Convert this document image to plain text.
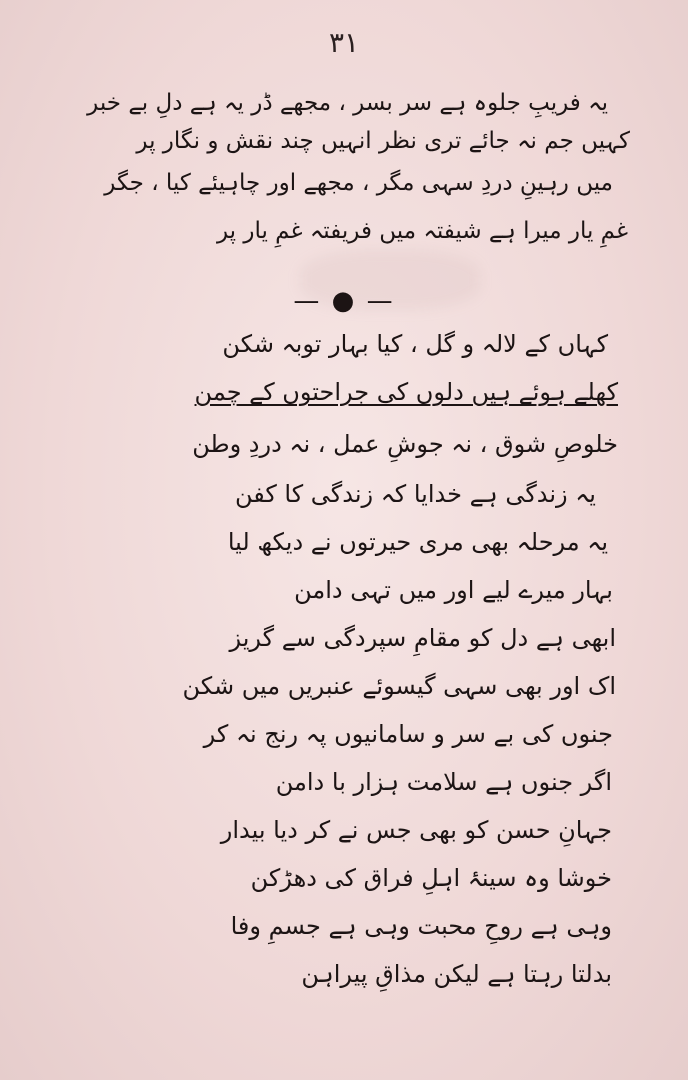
۳۱
یہ فریبِ جلوہ ہے سر بسر ، مجھے ڈر یہ ہے دلِ بے خبر
کہیں جم نہ جائے تری نظر انہیں چند نقش و نگار پر
میں رہینِ دردِ سہی مگر ، مجھے اور چاہیئے کیا ، جگر
غمِ یار میرا ہے شیفتہ میں فریفتہ غمِ یار پر
— ● —
کہاں کے لالہ و گل ، کیا بہار توبہ شکن
کھلے ہوئے ہیں دلوں کی جراحتوں کے چمن
خلوصِ شوق ، نہ جوشِ عمل ، نہ دردِ وطن
یہ زندگی ہے خدایا کہ زندگی کا کفن
یہ مرحلہ بھی مری حیرتوں نے دیکھ لیا
بہار میرے لیے اور میں تہی دامن
ابھی ہے دل کو مقامِ سپردگی سے گریز
اک اور بھی سہی گیسوئے عنبریں میں شکن
جنوں کی بے سر و سامانیوں پہ رنج نہ کر
اگر جنوں ہے سلامت ہزار با دامن
جہانِ حسن کو بھی جس نے کر دیا بیدار
خوشا وہ سینۂ اہلِ فراق کی دھڑکن
وہی ہے روحِ محبت وہی ہے جسمِ وفا
بدلتا رہتا ہے لیکن مذاقِ پیراہن
